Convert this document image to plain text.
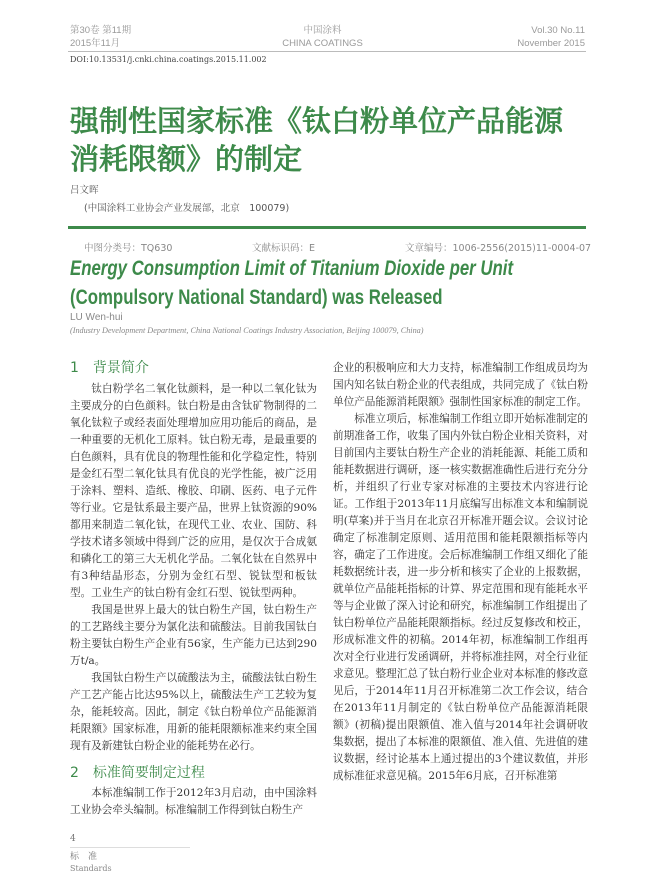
第30卷 第11期
2015年11月
中国涂料
CHINA COATINGS
Vol.30 No.11
November 2015
DOI:10.13531/j.cnki.china.coatings.2015.11.002
强制性国家标准《钛白粉单位产品能源
消耗限额》的制定
吕文晖
(中国涂料工业协会产业发展部，北京　100079)
中图分类号：TQ630	文献标识码：E	文章编号：1006-2556(2015)11-0004-07
Energy Consumption Limit of Titanium Dioxide per Unit
(Compulsory National Standard) was Released
LU Wen-hui
(Industry Development Department, China National Coatings Industry Association, Beijing 100079, China)
1　背景简介

钛白粉学名二氧化钛颜料，是一种以二氧化钛为主要成分的白色颜料。钛白粉是由含钛矿物制得的二氧化钛粒子或经表面处理增加应用功能后的商品，是一种重要的无机化工原料。钛白粉无毒，是最重要的白色颜料，具有优良的物理性能和化学稳定性，特别是金红石型二氧化钛具有优良的光学性能，被广泛用于涂料、塑料、造纸、橡胶、印刷、医药、电子元件等行业。它是钛系最主要产品，世界上钛资源的90%都用来制造二氧化钛，在现代工业、农业、国防、科学技术诸多领域中得到广泛的应用，是仅次于合成氨和磷化工的第三大无机化学品。二氧化钛在自然界中有3种结晶形态，分别为金红石型、锐钛型和板钛型。工业生产的钛白粉有金红石型、锐钛型两种。

我国是世界上最大的钛白粉生产国，钛白粉生产的工艺路线主要分为氯化法和硫酸法。目前我国钛白粉主要钛白粉生产企业有56家，生产能力已达到290万t/a。

我国钛白粉生产以硫酸法为主，硫酸法钛白粉生产工艺产能占比达95%以上，硫酸法生产工艺较为复杂，能耗较高。因此，制定《钛白粉单位产品能源消耗限额》国家标准，用新的能耗限额标准来约束全国现有及新建钛白粉企业的能耗势在必行。

2　标准简要制定过程

本标准编制工作于2012年3月启动，由中国涂料工业协会牵头编制。标准编制工作得到钛白粉生产

4
标　准
Standards

企业的积极响应和大力支持，标准编制工作组成员均为国内知名钛白粉企业的代表组成，共同完成了《钛白粉单位产品能源消耗限额》强制性国家标准的制定工作。

标准立项后，标准编制工作组立即开始标准制定的前期准备工作，收集了国内外钛白粉企业相关资料，对目前国内主要钛白粉生产企业的消耗能源、耗能工质和能耗数据进行调研，逐一核实数据准确性后进行充分分析，并组织了行业专家对标准的主要技术内容进行论证。工作组于2013年11月底编写出标准文本和编制说明(草案)并于当月在北京召开标准开题会议。会议讨论确定了标准制定原则、适用范围和能耗限额指标等内容，确定了工作进度。会后标准编制工作组又细化了能耗数据统计表，进一步分析和核实了企业的上报数据，就单位产品能耗指标的计算、界定范围和现有能耗水平等与企业做了深入讨论和研究，标准编制工作组提出了钛白粉单位产品能耗限额指标。经过反复修改和校正，形成标准文件的初稿。2014年初，标准编制工作组再次对全行业进行发函调研，并将标准挂网，对全行业征求意见。整理汇总了钛白粉行业企业对本标准的修改意见后，于2014年11月召开标准第二次工作会议，结合在2013年11月制定的《钛白粉单位产品能源消耗限额》(初稿)提出限额值、准入值与2014年社会调研收集数据，提出了本标准的限额值、准入值、先进值的建议数据，经讨论基本上通过提出的3个建议数值，并形成标准征求意见稿。2015年6月底，召开标准第
